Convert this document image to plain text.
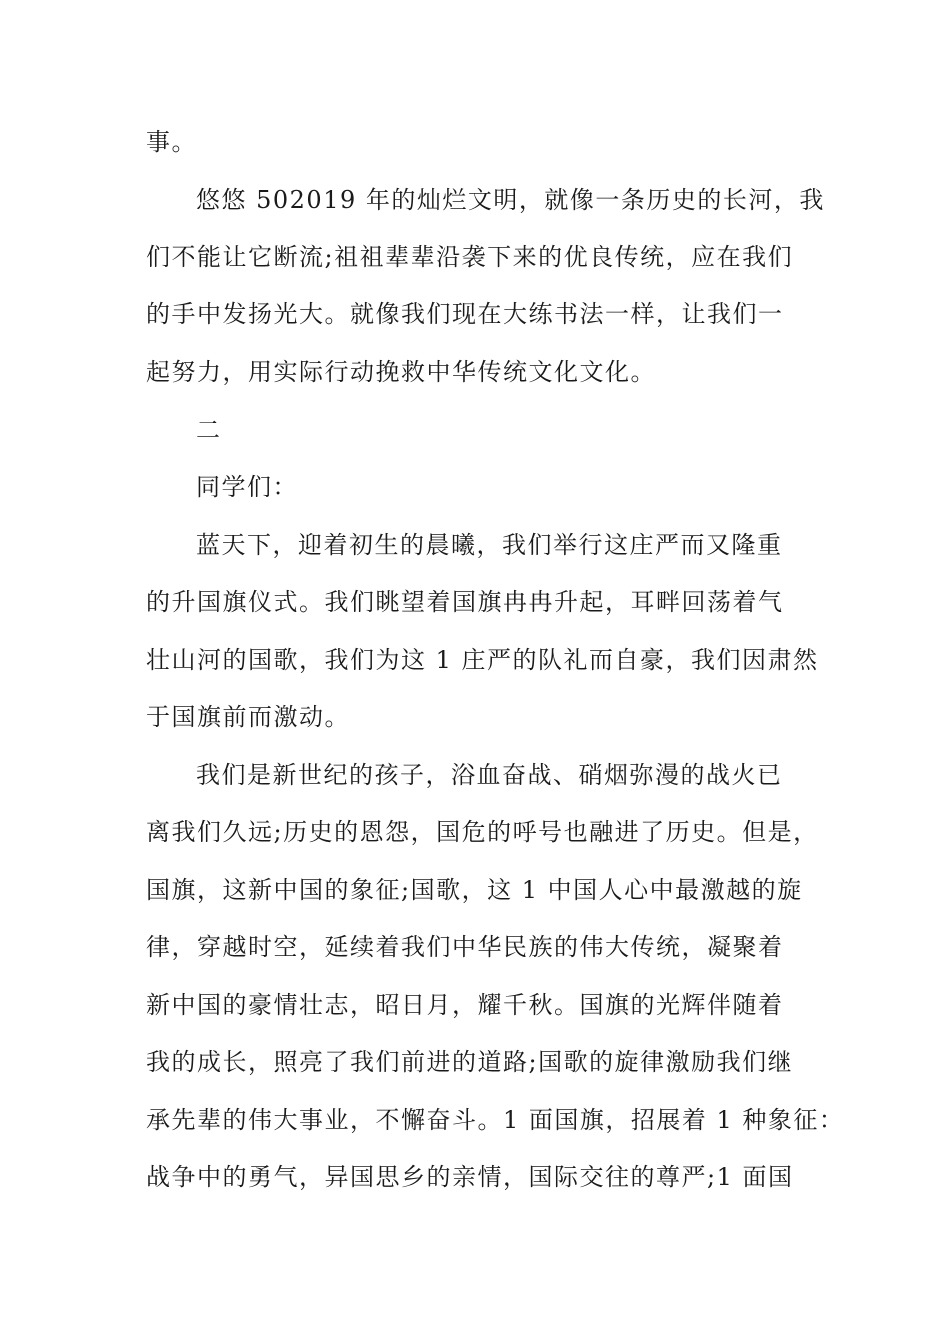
事。
悠悠 502019 年的灿烂文明，就像一条历史的长河，我
们不能让它断流;祖祖辈辈沿袭下来的优良传统，应在我们
的手中发扬光大。就像我们现在大练书法一样，让我们一
起努力，用实际行动挽救中华传统文化文化。
二
同学们：
蓝天下，迎着初生的晨曦，我们举行这庄严而又隆重
的升国旗仪式。我们眺望着国旗冉冉升起，耳畔回荡着气
壮山河的国歌，我们为这 1 庄严的队礼而自豪，我们因肃然
于国旗前而激动。
我们是新世纪的孩子，浴血奋战、硝烟弥漫的战火已
离我们久远;历史的恩怨，国危的呼号也融进了历史。但是，
国旗，这新中国的象征;国歌，这 1 中国人心中最激越的旋
律，穿越时空，延续着我们中华民族的伟大传统，凝聚着
新中国的豪情壮志，昭日月，耀千秋。国旗的光辉伴随着
我的成长，照亮了我们前进的道路;国歌的旋律激励我们继
承先辈的伟大事业，不懈奋斗。1 面国旗，招展着 1 种象征：
战争中的勇气，异国思乡的亲情，国际交往的尊严;1 面国
